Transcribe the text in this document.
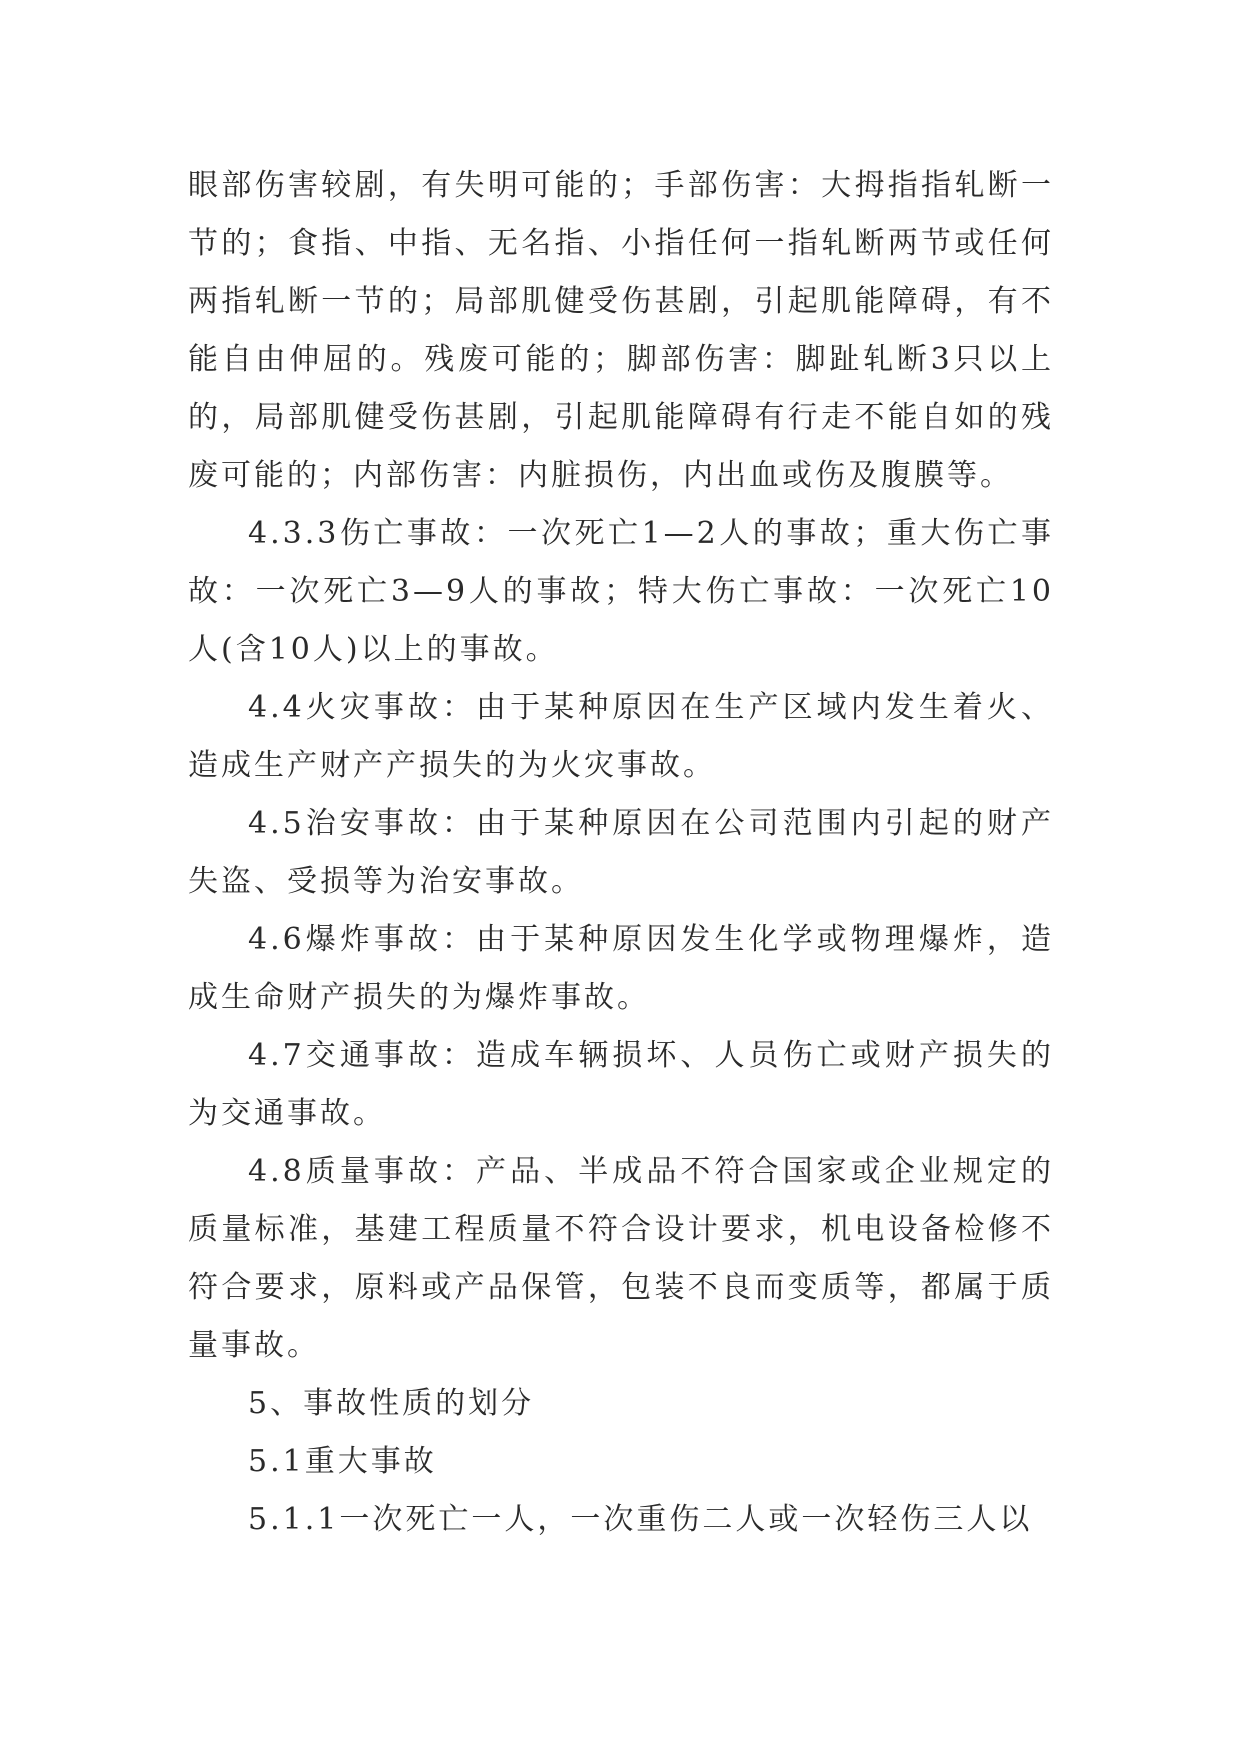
眼部伤害较剧，有失明可能的；手部伤害：大拇指指轧断一节的；食指、中指、无名指、小指任何一指轧断两节或任何两指轧断一节的；局部肌健受伤甚剧，引起肌能障碍，有不能自由伸屈的。残废可能的；脚部伤害：脚趾轧断3只以上的，局部肌健受伤甚剧，引起肌能障碍有行走不能自如的残废可能的；内部伤害：内脏损伤，内出血或伤及腹膜等。

4.3.3伤亡事故：一次死亡1—2人的事故；重大伤亡事故：一次死亡3—9人的事故；特大伤亡事故：一次死亡10人(含10人)以上的事故。

4.4火灾事故：由于某种原因在生产区域内发生着火、造成生产财产产损失的为火灾事故。

4.5治安事故：由于某种原因在公司范围内引起的财产失盗、受损等为治安事故。

4.6爆炸事故：由于某种原因发生化学或物理爆炸，造成生命财产损失的为爆炸事故。

4.7交通事故：造成车辆损坏、人员伤亡或财产损失的为交通事故。

4.8质量事故：产品、半成品不符合国家或企业规定的质量标准，基建工程质量不符合设计要求，机电设备检修不符合要求，原料或产品保管，包装不良而变质等，都属于质量事故。

5、事故性质的划分

5.1重大事故

5.1.1一次死亡一人，一次重伤二人或一次轻伤三人以
